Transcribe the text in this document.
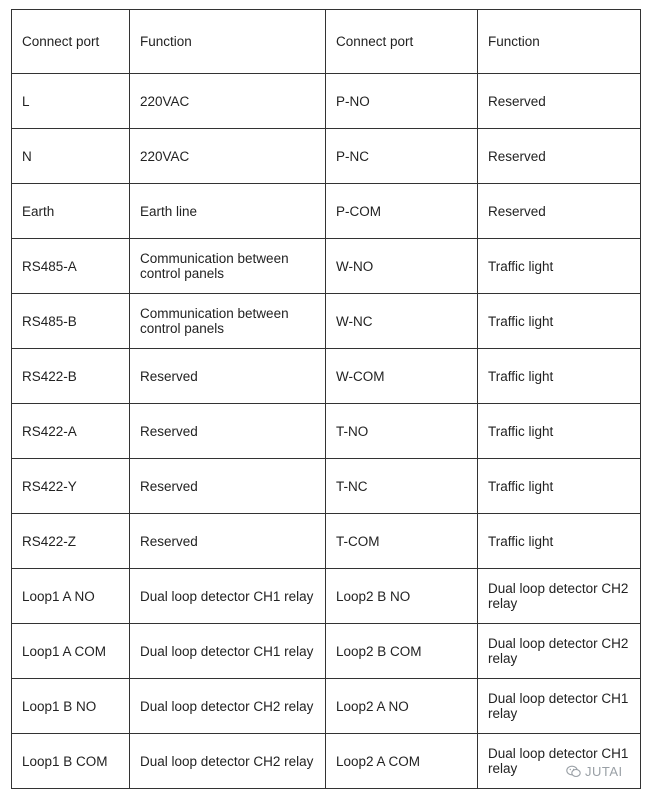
Connect port	Function	Connect port	Function
L	220VAC	P-NO	Reserved
N	220VAC	P-NC	Reserved
Earth	Earth line	P-COM	Reserved
RS485-A	Communication between control panels	W-NO	Traffic light
RS485-B	Communication between control panels	W-NC	Traffic light
RS422-B	Reserved	W-COM	Traffic light
RS422-A	Reserved	T-NO	Traffic light
RS422-Y	Reserved	T-NC	Traffic light
RS422-Z	Reserved	T-COM	Traffic light
Loop1 A NO	Dual loop detector CH1 relay	Loop2 B NO	Dual loop detector CH2 relay
Loop1 A COM	Dual loop detector CH1 relay	Loop2 B COM	Dual loop detector CH2 relay
Loop1 B NO	Dual loop detector CH2 relay	Loop2 A NO	Dual loop detector CH1 relay
Loop1 B COM	Dual loop detector CH2 relay	Loop2 A COM	Dual loop detector CH1 relay	JUTAI
